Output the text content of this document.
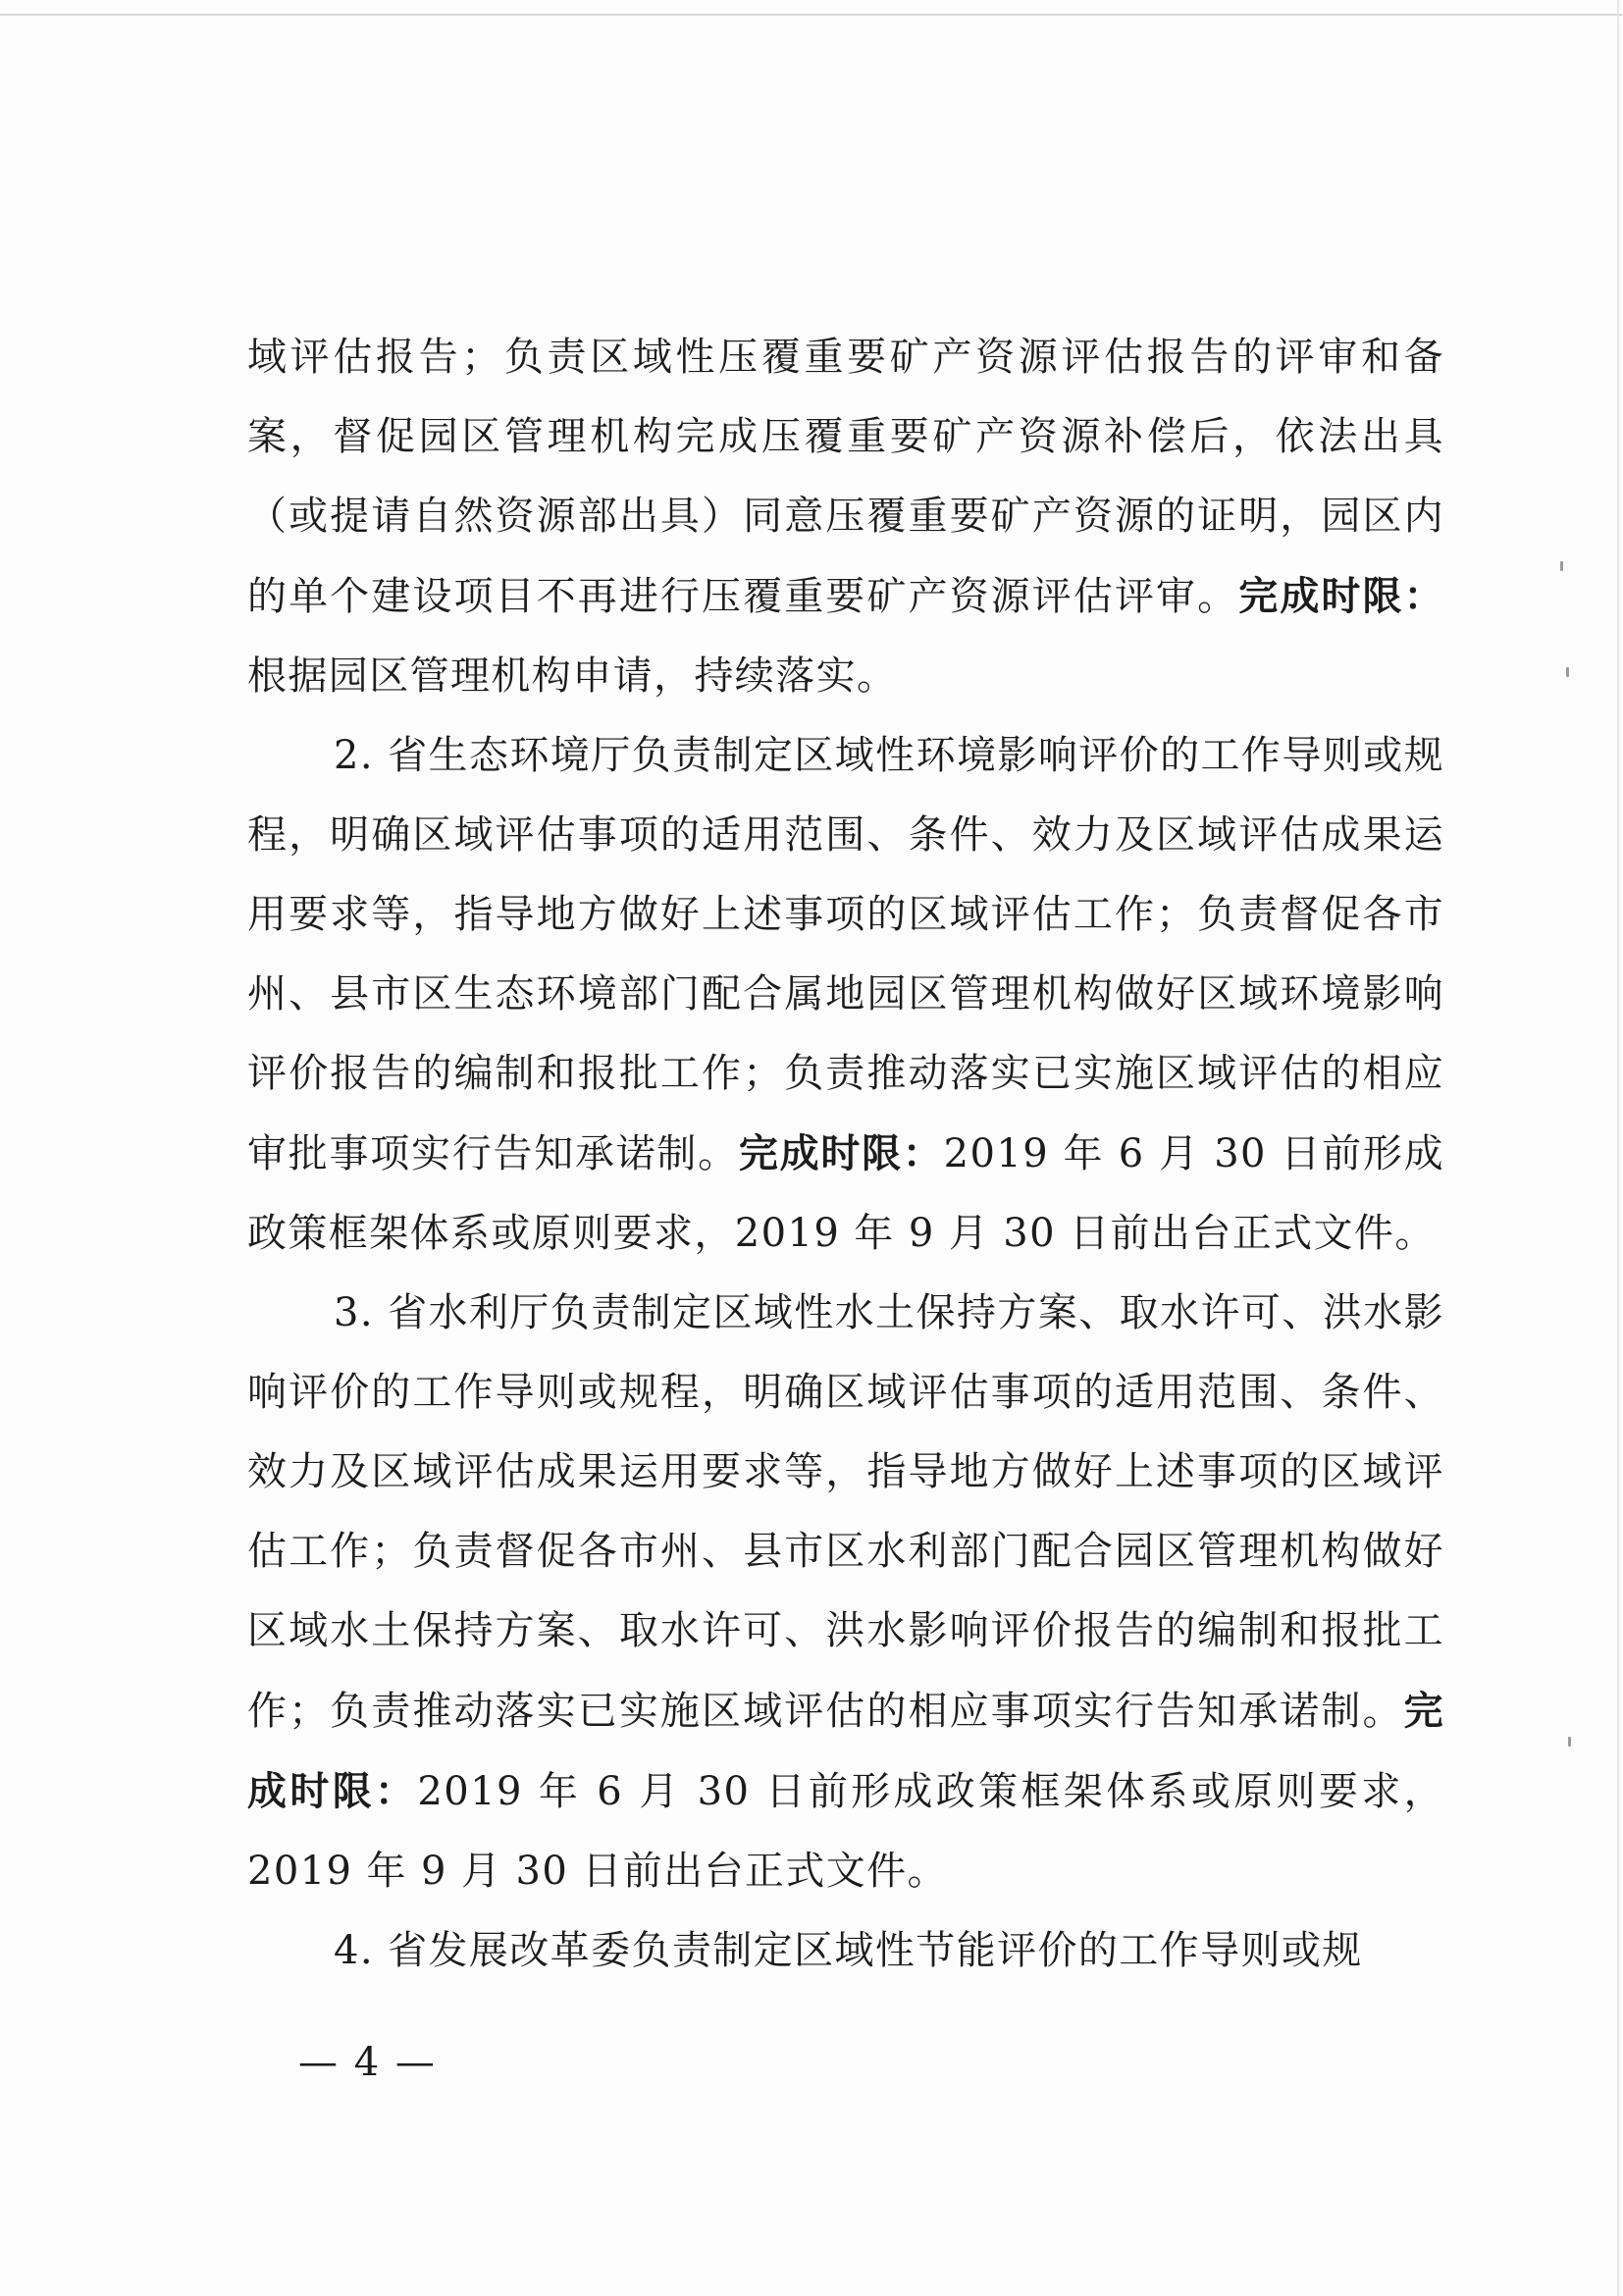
域评估报告；负责区域性压覆重要矿产资源评估报告的评审和备案，督促园区管理机构完成压覆重要矿产资源补偿后，依法出具（或提请自然资源部出具）同意压覆重要矿产资源的证明，园区内的单个建设项目不再进行压覆重要矿产资源评估评审。完成时限：根据园区管理机构申请，持续落实。

2. 省生态环境厅负责制定区域性环境影响评价的工作导则或规程，明确区域评估事项的适用范围、条件、效力及区域评估成果运用要求等，指导地方做好上述事项的区域评估工作；负责督促各市州、县市区生态环境部门配合属地园区管理机构做好区域环境影响评价报告的编制和报批工作；负责推动落实已实施区域评估的相应审批事项实行告知承诺制。完成时限：2019 年 6 月 30 日前形成政策框架体系或原则要求，2019 年 9 月 30 日前出台正式文件。

3. 省水利厅负责制定区域性水土保持方案、取水许可、洪水影响评价的工作导则或规程，明确区域评估事项的适用范围、条件、效力及区域评估成果运用要求等，指导地方做好上述事项的区域评估工作；负责督促各市州、县市区水利部门配合园区管理机构做好区域水土保持方案、取水许可、洪水影响评价报告的编制和报批工作；负责推动落实已实施区域评估的相应事项实行告知承诺制。完成时限：2019 年 6 月 30 日前形成政策框架体系或原则要求，2019 年 9 月 30 日前出台正式文件。

4. 省发展改革委负责制定区域性节能评价的工作导则或规

— 4 —
